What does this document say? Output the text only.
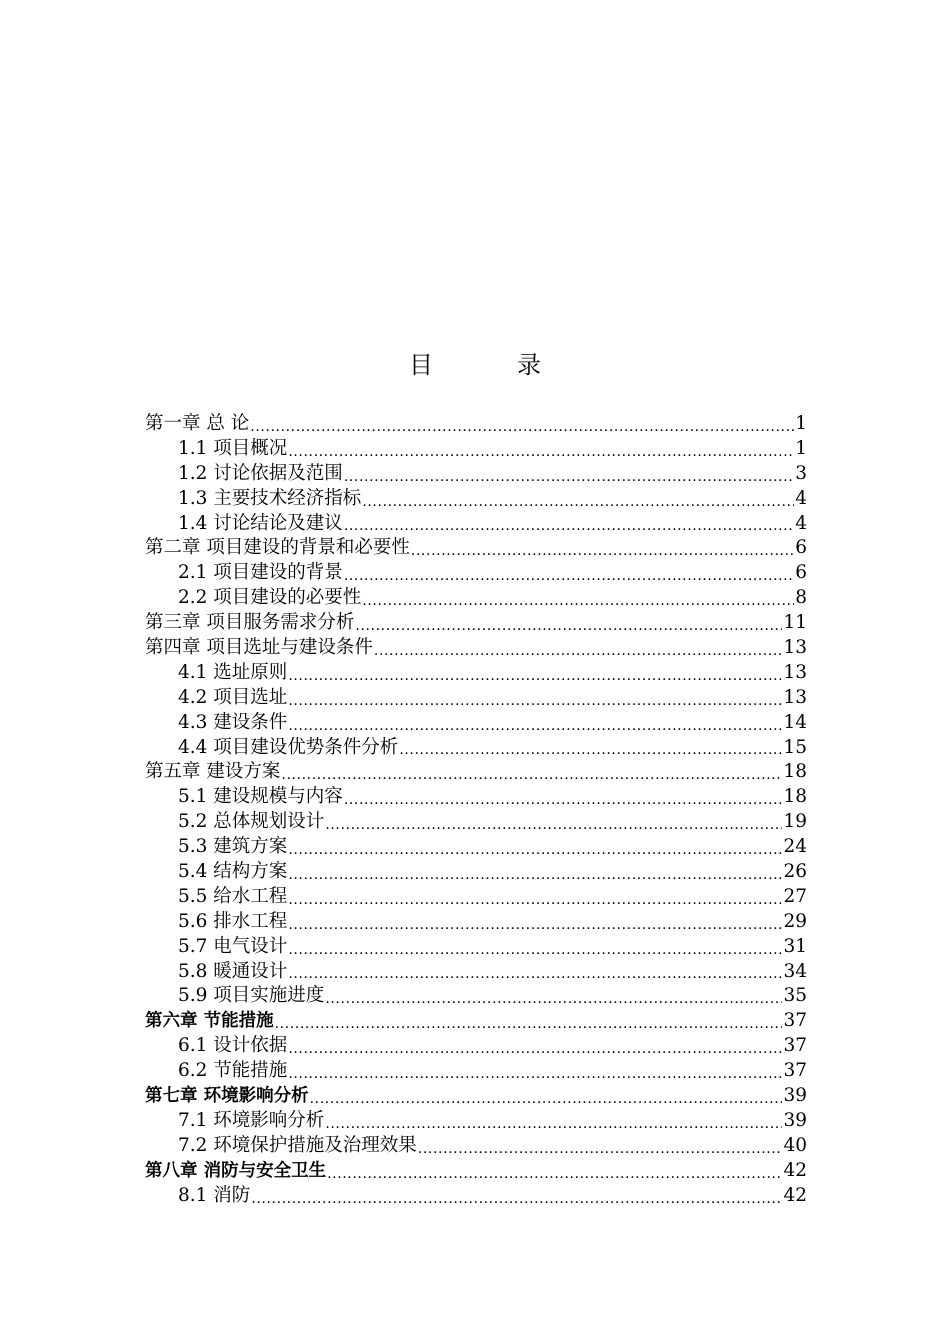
目　录
第一章 总 论 .....	1
1.1 项目概况 .....	1
1.2 讨论依据及范围 .....	3
1.3 主要技术经济指标 .....	4
1.4 讨论结论及建议 .....	4
第二章 项目建设的背景和必要性 .....	6
2.1 项目建设的背景 .....	6
2.2 项目建设的必要性 .....	8
第三章 项目服务需求分析 .....	11
第四章 项目选址与建设条件 .....	13
4.1 选址原则 .....	13
4.2 项目选址 .....	13
4.3 建设条件 .....	14
4.4 项目建设优势条件分析 .....	15
第五章 建设方案 .....	18
5.1 建设规模与内容 .....	18
5.2 总体规划设计 .....	19
5.3 建筑方案 .....	24
5.4 结构方案 .....	26
5.5 给水工程 .....	27
5.6 排水工程 .....	29
5.7 电气设计 .....	31
5.8 暖通设计 .....	34
5.9 项目实施进度 .....	35
第六章 节能措施 .....	37
6.1 设计依据 .....	37
6.2 节能措施 .....	37
第七章 环境影响分析 .....	39
7.1 环境影响分析 .....	39
7.2 环境保护措施及治理效果 .....	40
第八章 消防与安全卫生 .....	42
8.1 消防 .....	42
